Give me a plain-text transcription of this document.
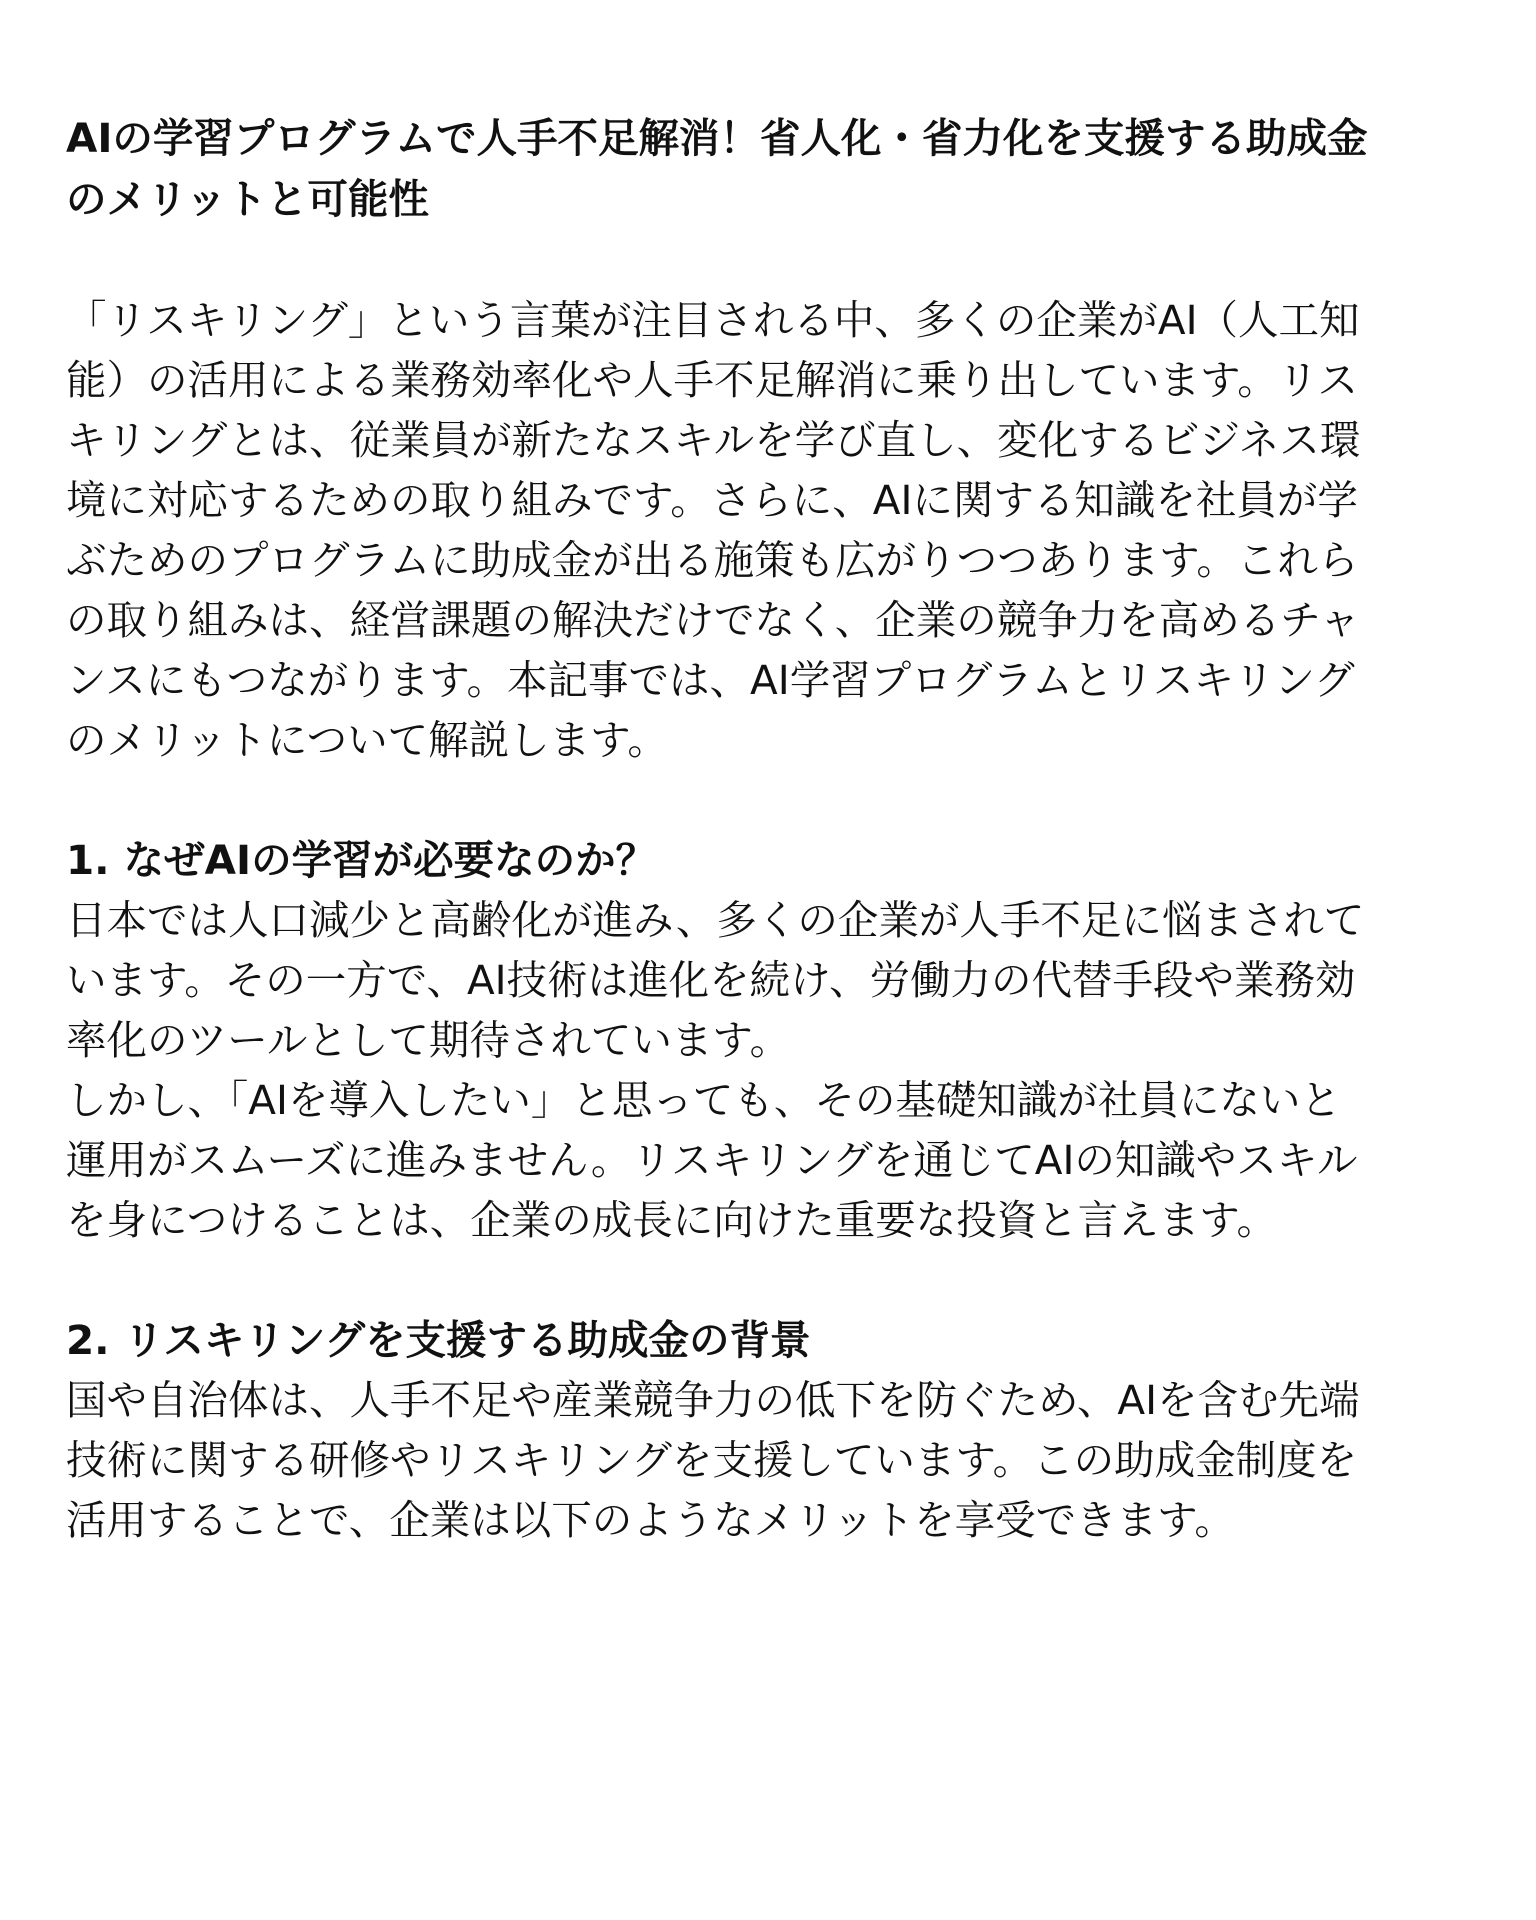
AIの学習プログラムで人手不足解消！省人化・省力化を支援する助成金
のメリットと可能性
「リスキリング」という言葉が注目される中、多くの企業がAI（人工知
能）の活用による業務効率化や人手不足解消に乗り出しています。リス
キリングとは、従業員が新たなスキルを学び直し、変化するビジネス環
境に対応するための取り組みです。さらに、AIに関する知識を社員が学
ぶためのプログラムに助成金が出る施策も広がりつつあります。これら
の取り組みは、経営課題の解決だけでなく、企業の競争力を高めるチャ
ンスにもつながります。本記事では、AI学習プログラムとリスキリング
のメリットについて解説します。
1. なぜAIの学習が必要なのか？
日本では人口減少と高齢化が進み、多くの企業が人手不足に悩まされて
います。その一方で、AI技術は進化を続け、労働力の代替手段や業務効
率化のツールとして期待されています。
しかし、「AIを導入したい」と思っても、その基礎知識が社員にないと
運用がスムーズに進みません。リスキリングを通じてAIの知識やスキル
を身につけることは、企業の成長に向けた重要な投資と言えます。
2. リスキリングを支援する助成金の背景
国や自治体は、人手不足や産業競争力の低下を防ぐため、AIを含む先端
技術に関する研修やリスキリングを支援しています。この助成金制度を
活用することで、企業は以下のようなメリットを享受できます。
